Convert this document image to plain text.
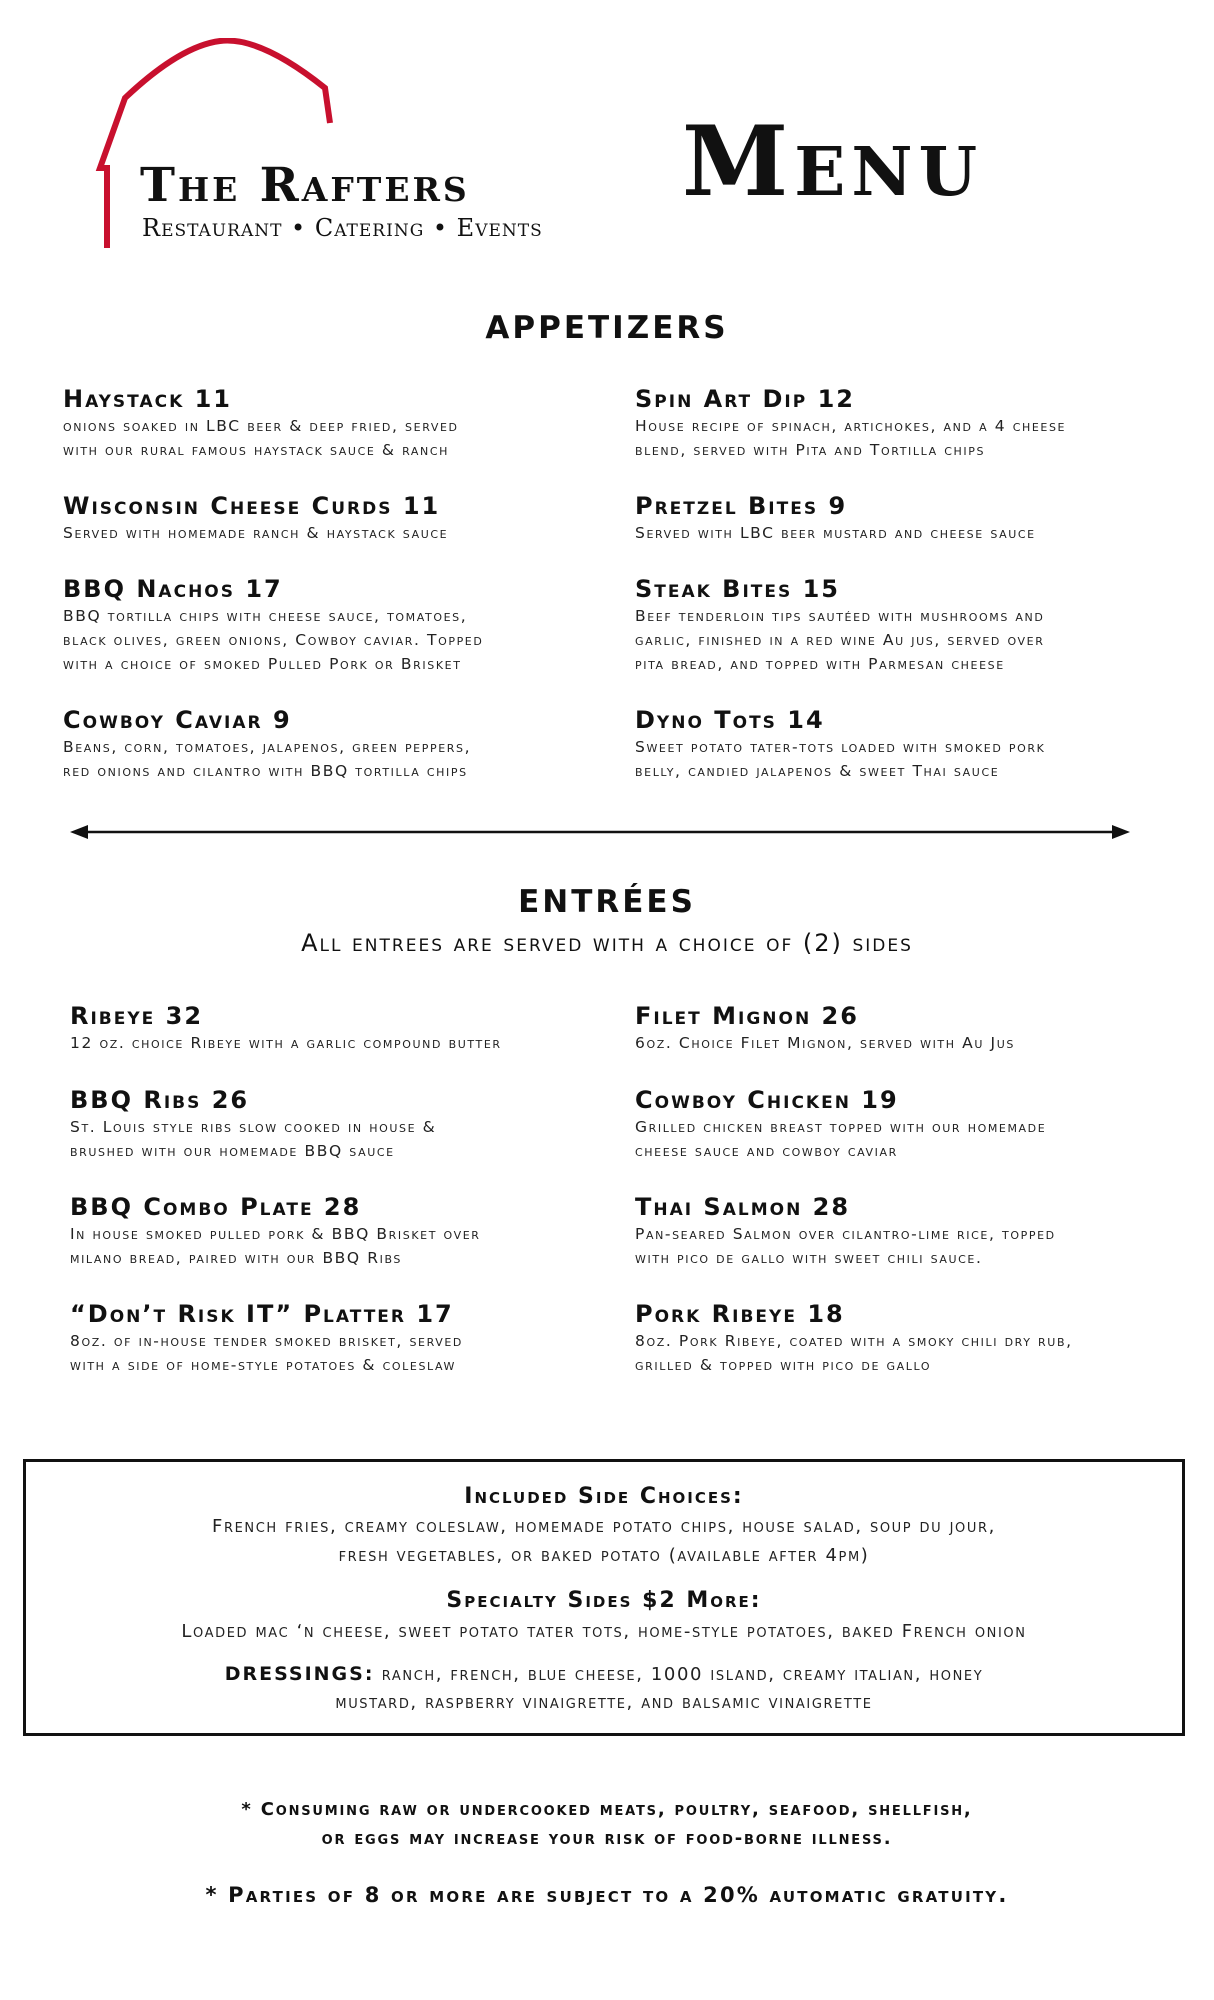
The Rafters
Restaurant • Catering • Events
Menu
APPETIZERS
Haystack 11
onions soaked in LBC beer & deep fried, served
with our rural famous haystack sauce & ranch
Spin Art Dip 12
House recipe of spinach, artichokes, and a 4 cheese
blend, served with Pita and Tortilla chips
Wisconsin Cheese Curds 11
Served with homemade ranch & haystack sauce
Pretzel Bites 9
Served with LBC beer mustard and cheese sauce
BBQ Nachos 17
BBQ tortilla chips with cheese sauce, tomatoes,
black olives, green onions, Cowboy caviar. Topped
with a choice of smoked Pulled Pork or Brisket
Steak Bites 15
Beef tenderloin tips sautéed with mushrooms and
garlic, finished in a red wine Au jus, served over
pita bread, and topped with Parmesan cheese
Cowboy Caviar 9
Beans, corn, tomatoes, jalapenos, green peppers,
red onions and cilantro with BBQ tortilla chips
Dyno Tots 14
Sweet potato tater-tots loaded with smoked pork
belly, candied jalapenos & sweet Thai sauce
ENTRÉES
All entrees are served with a choice of (2) sides
Ribeye 32
12 oz. choice Ribeye with a garlic compound butter
Filet Mignon 26
6oz. Choice Filet Mignon, served with Au Jus
BBQ Ribs 26
St. Louis style ribs slow cooked in house &
brushed with our homemade BBQ sauce
Cowboy Chicken 19
Grilled chicken breast topped with our homemade
cheese sauce and cowboy caviar
BBQ Combo Plate 28
In house smoked pulled pork & BBQ Brisket over
milano bread, paired with our BBQ Ribs
Thai Salmon 28
Pan-seared Salmon over cilantro-lime rice, topped
with pico de gallo with sweet chili sauce.
“Don’t Risk IT” Platter 17
8oz. of in-house tender smoked brisket, served
with a side of home-style potatoes & coleslaw
Pork Ribeye 18
8oz. Pork Ribeye, coated with a smoky chili dry rub,
grilled & topped with pico de gallo
Included Side Choices:
French fries, creamy coleslaw, homemade potato chips, house salad, soup du jour,
fresh vegetables, or baked potato (available after 4pm)
Specialty Sides $2 More:
Loaded mac ‘n cheese, sweet potato tater tots, home-style potatoes, baked French onion
DRESSINGS: ranch, french, blue cheese, 1000 island, creamy italian, honey
mustard, raspberry vinaigrette, and balsamic vinaigrette
* Consuming raw or undercooked meats, poultry, seafood, shellfish,
or eggs may increase your risk of food-borne illness.
* Parties of 8 or more are subject to a 20% automatic gratuity.
